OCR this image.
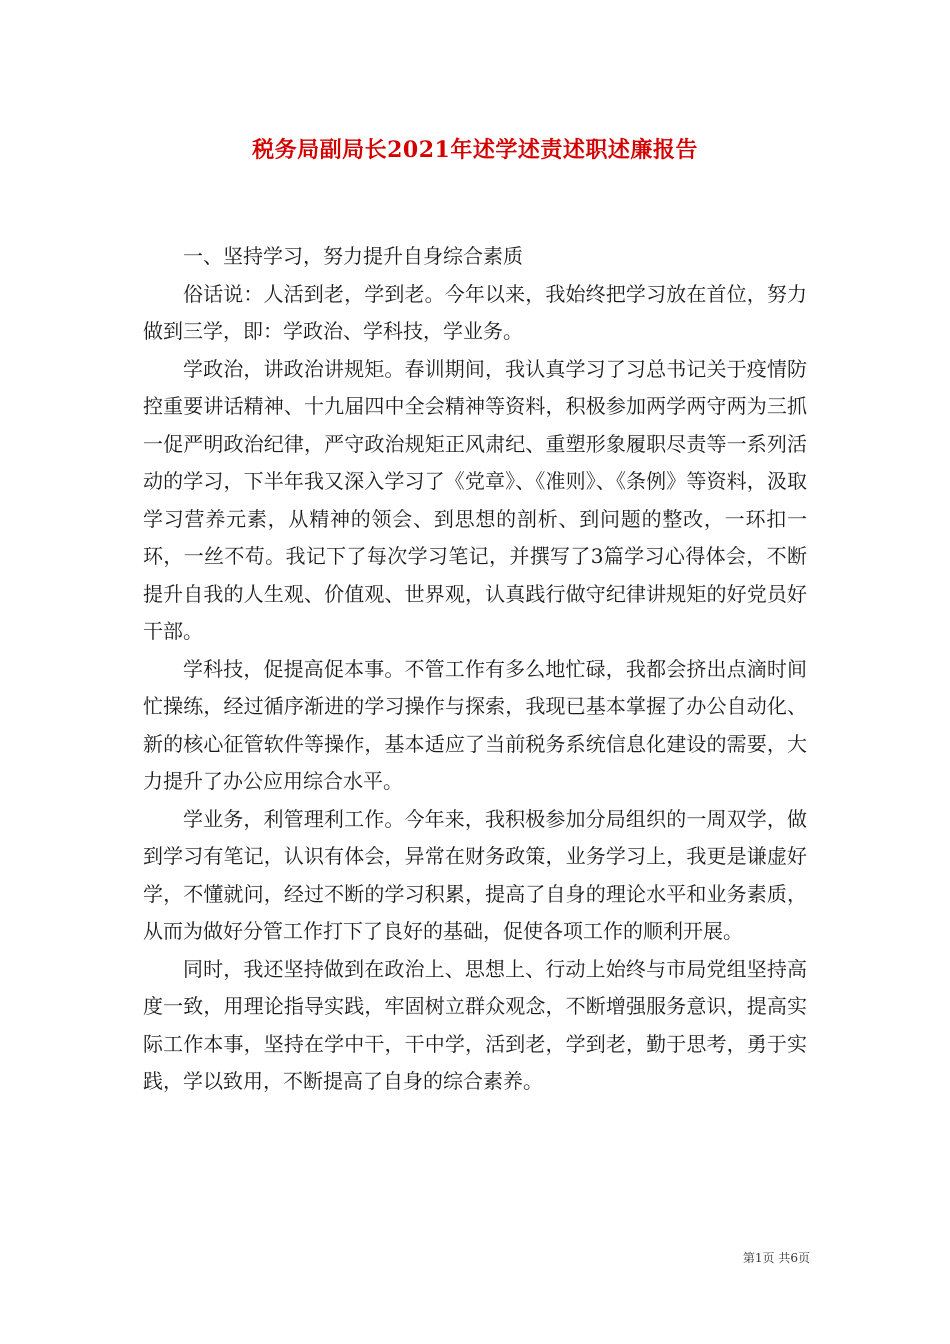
税务局副局长2021年述学述责述职述廉报告

一、坚持学习，努力提升自身综合素质

俗话说：人活到老，学到老。今年以来，我始终把学习放在首位，努力做到三学，即：学政治、学科技，学业务。

学政治，讲政治讲规矩。春训期间，我认真学习了习总书记关于疫情防控重要讲话精神、十九届四中全会精神等资料，积极参加两学两守两为三抓一促严明政治纪律，严守政治规矩正风肃纪、重塑形象履职尽责等一系列活动的学习，下半年我又深入学习了《党章》、《准则》、《条例》等资料，汲取学习营养元素，从精神的领会、到思想的剖析、到问题的整改，一环扣一环，一丝不苟。我记下了每次学习笔记，并撰写了3篇学习心得体会，不断提升自我的人生观、价值观、世界观，认真践行做守纪律讲规矩的好党员好干部。

学科技，促提高促本事。不管工作有多么地忙碌，我都会挤出点滴时间忙操练，经过循序渐进的学习操作与探索，我现已基本掌握了办公自动化、新的核心征管软件等操作，基本适应了当前税务系统信息化建设的需要，大力提升了办公应用综合水平。

学业务，利管理利工作。今年来，我积极参加分局组织的一周双学，做到学习有笔记，认识有体会，异常在财务政策，业务学习上，我更是谦虚好学，不懂就问，经过不断的学习积累，提高了自身的理论水平和业务素质，从而为做好分管工作打下了良好的基础，促使各项工作的顺利开展。

同时，我还坚持做到在政治上、思想上、行动上始终与市局党组坚持高度一致，用理论指导实践，牢固树立群众观念，不断增强服务意识，提高实际工作本事，坚持在学中干，干中学，活到老，学到老，勤于思考，勇于实践，学以致用，不断提高了自身的综合素养。

第1页 共6页
